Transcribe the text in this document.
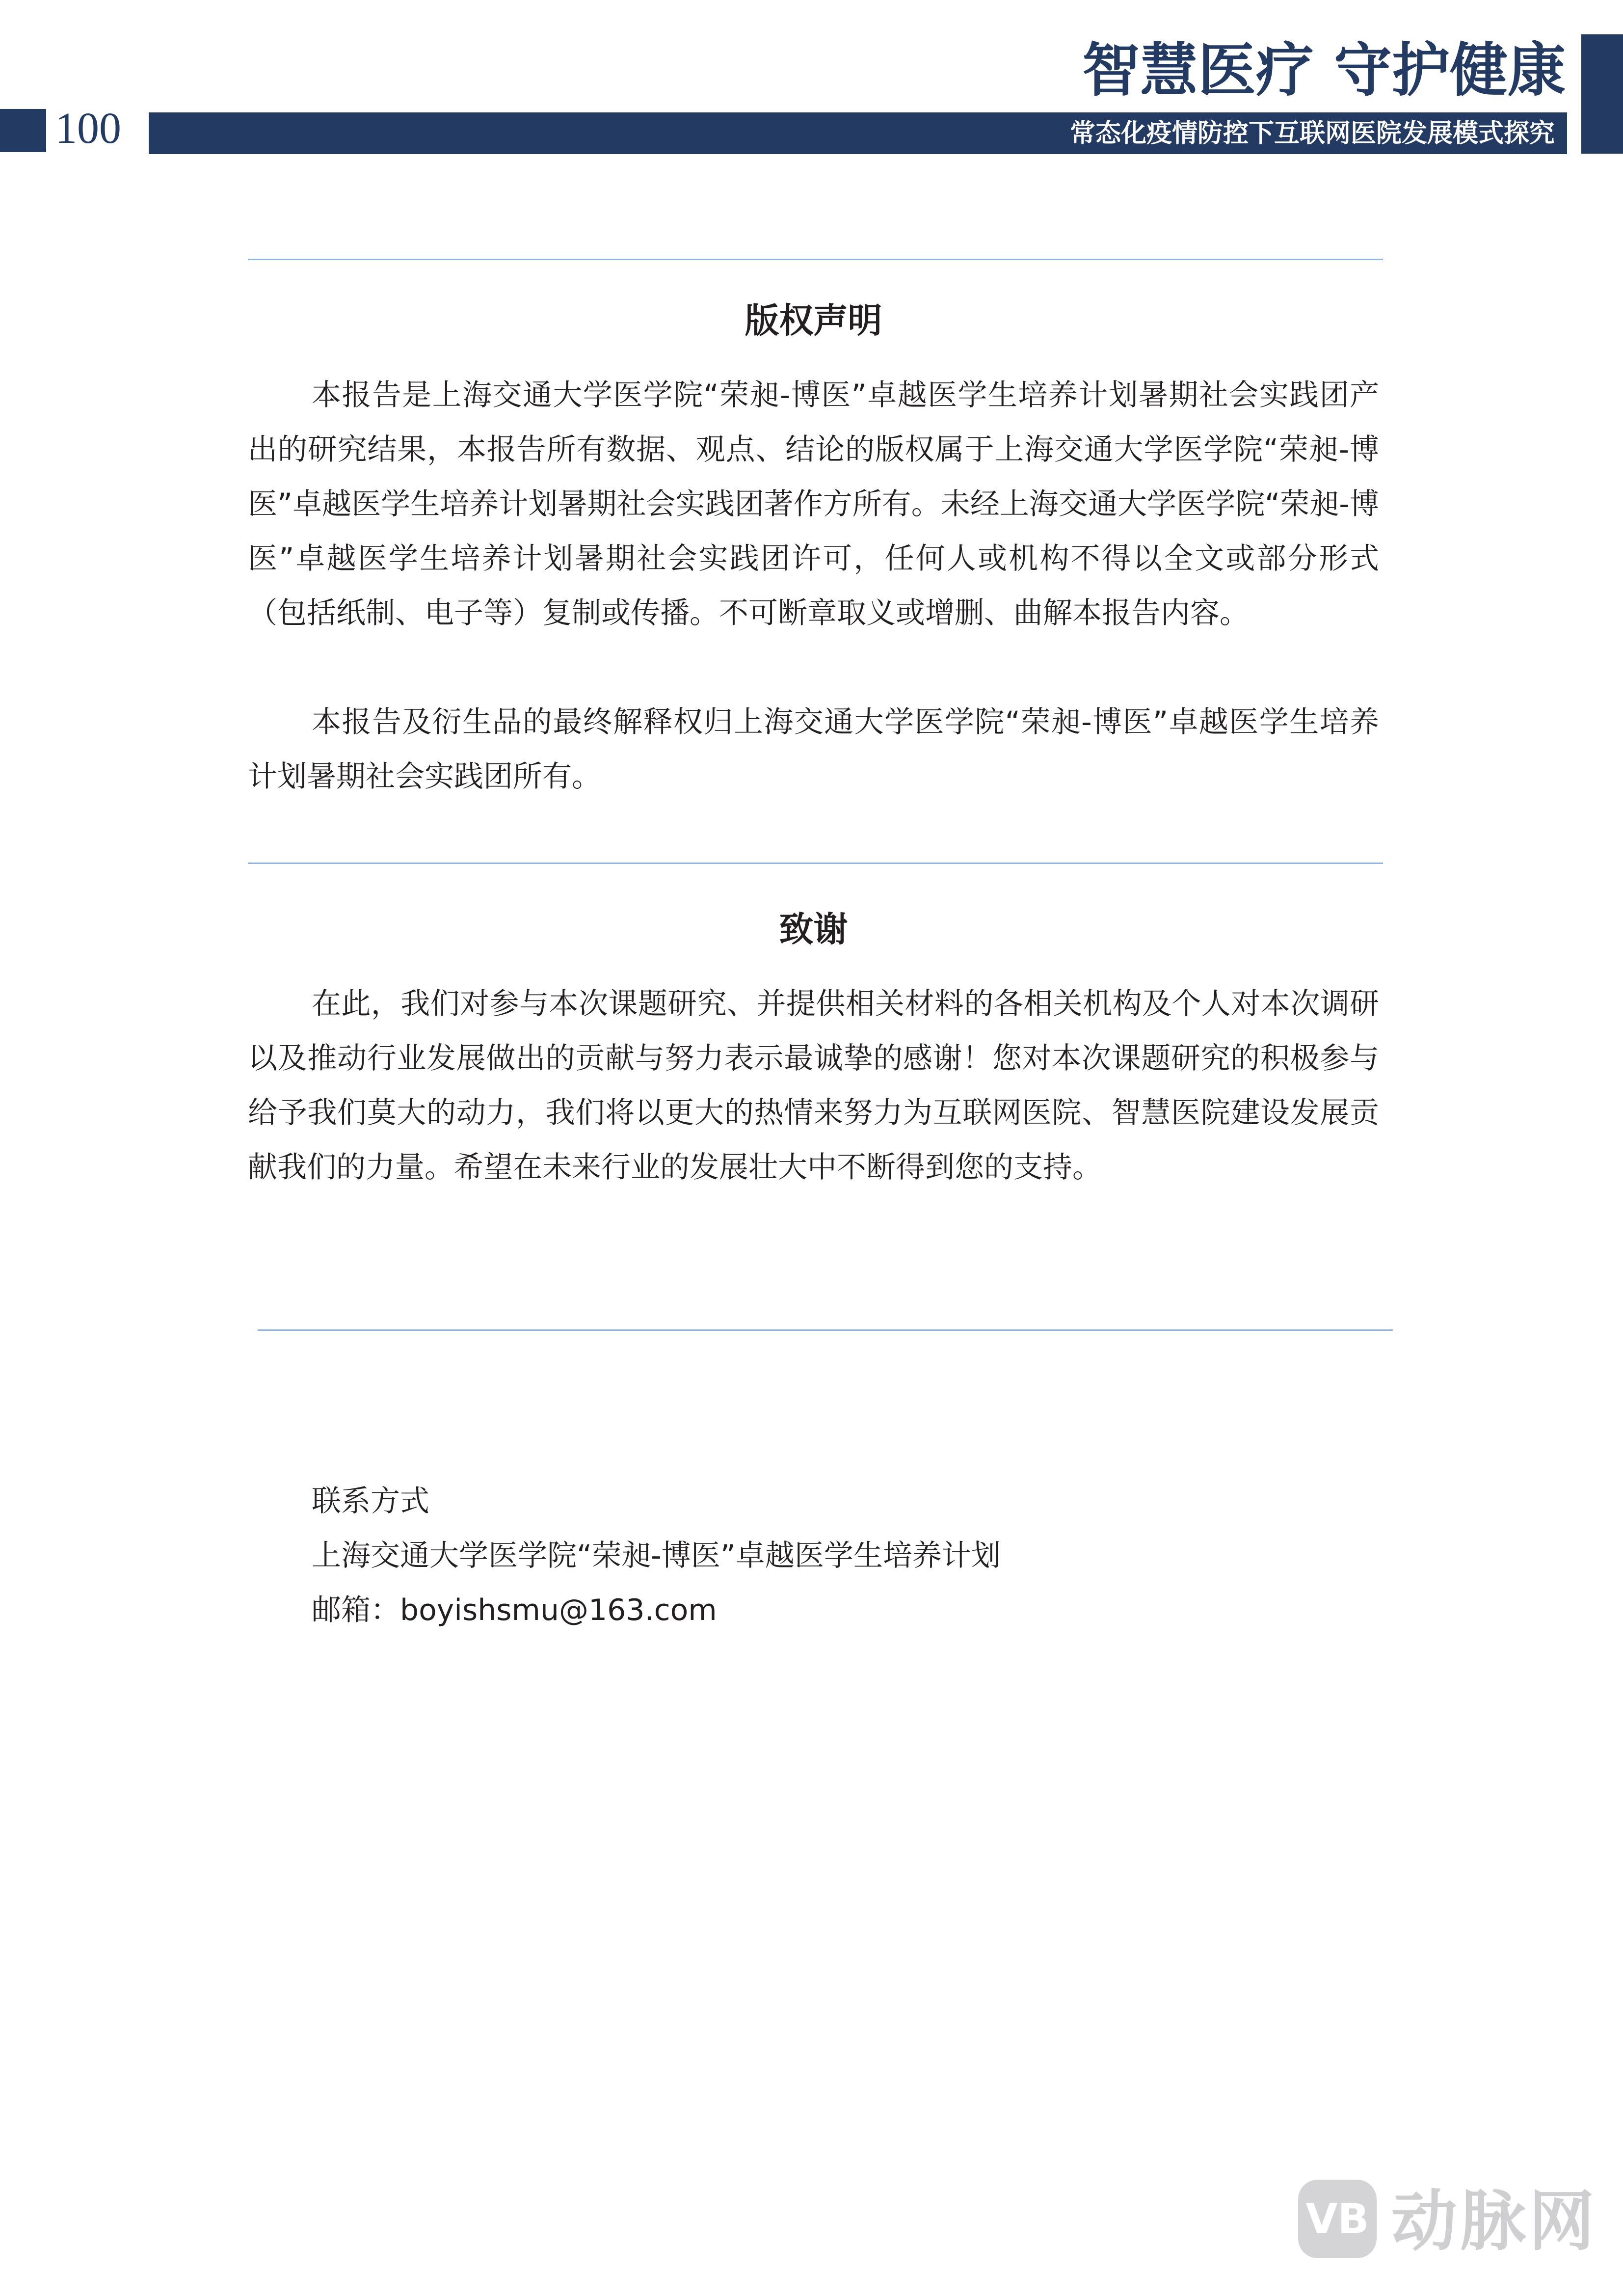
100	常态化疫情防控下互联网医院发展模式探究
智慧医疗 守护健康
版权声明

本报告是上海交通大学医学院“荣昶-博医”卓越医学生培养计划暑期社会实践团产出的研究结果，本报告所有数据、观点、结论的版权属于上海交通大学医学院“荣昶-博医”卓越医学生培养计划暑期社会实践团著作方所有。未经上海交通大学医学院“荣昶-博医”卓越医学生培养计划暑期社会实践团许可，任何人或机构不得以全文或部分形式（包括纸制、电子等）复制或传播。不可断章取义或增删、曲解本报告内容。

本报告及衍生品的最终解释权归上海交通大学医学院“荣昶-博医”卓越医学生培养计划暑期社会实践团所有。

致谢

在此，我们对参与本次课题研究、并提供相关材料的各相关机构及个人对本次调研以及推动行业发展做出的贡献与努力表示最诚挚的感谢！您对本次课题研究的积极参与给予我们莫大的动力，我们将以更大的热情来努力为互联网医院、智慧医院建设发展贡献我们的力量。希望在未来行业的发展壮大中不断得到您的支持。

联系方式
上海交通大学医学院“荣昶-博医”卓越医学生培养计划
邮箱：boyishsmu@163.com
VB 动脉网
